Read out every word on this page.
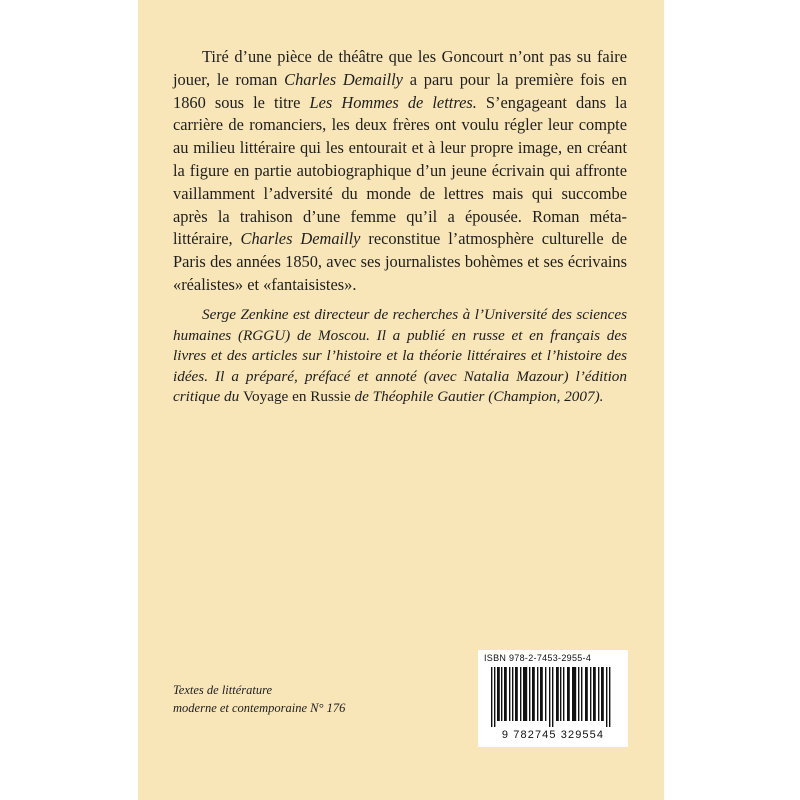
Tiré d’une pièce de théâtre que les Goncourt n’ont pas su faire jouer, le roman Charles Demailly a paru pour la première fois en 1860 sous le titre Les Hommes de lettres. S’engageant dans la carrière de romanciers, les deux frères ont voulu régler leur compte au milieu littéraire qui les entourait et à leur propre image, en créant la figure en partie autobiographique d’un jeune écrivain qui affronte vaillamment l’adversité du monde de lettres mais qui succombe après la trahison d’une femme qu’il a épousée. Roman méta-littéraire, Charles Demailly reconstitue l’atmosphère culturelle de Paris des années 1850, avec ses journalistes bohèmes et ses écrivains «réalistes» et «fantaisistes».

Serge Zenkine est directeur de recherches à l’Université des sciences humaines (RGGU) de Moscou. Il a publié en russe et en français des livres et des articles sur l’histoire et la théorie littéraires et l’histoire des idées. Il a préparé, préfacé et annoté (avec Natalia Mazour) l’édition critique du Voyage en Russie de Théophile Gautier (Champion, 2007).

Textes de littérature
moderne et contemporaine N° 176
ISBN 978-2-7453-2955-4
9 782745 329554
